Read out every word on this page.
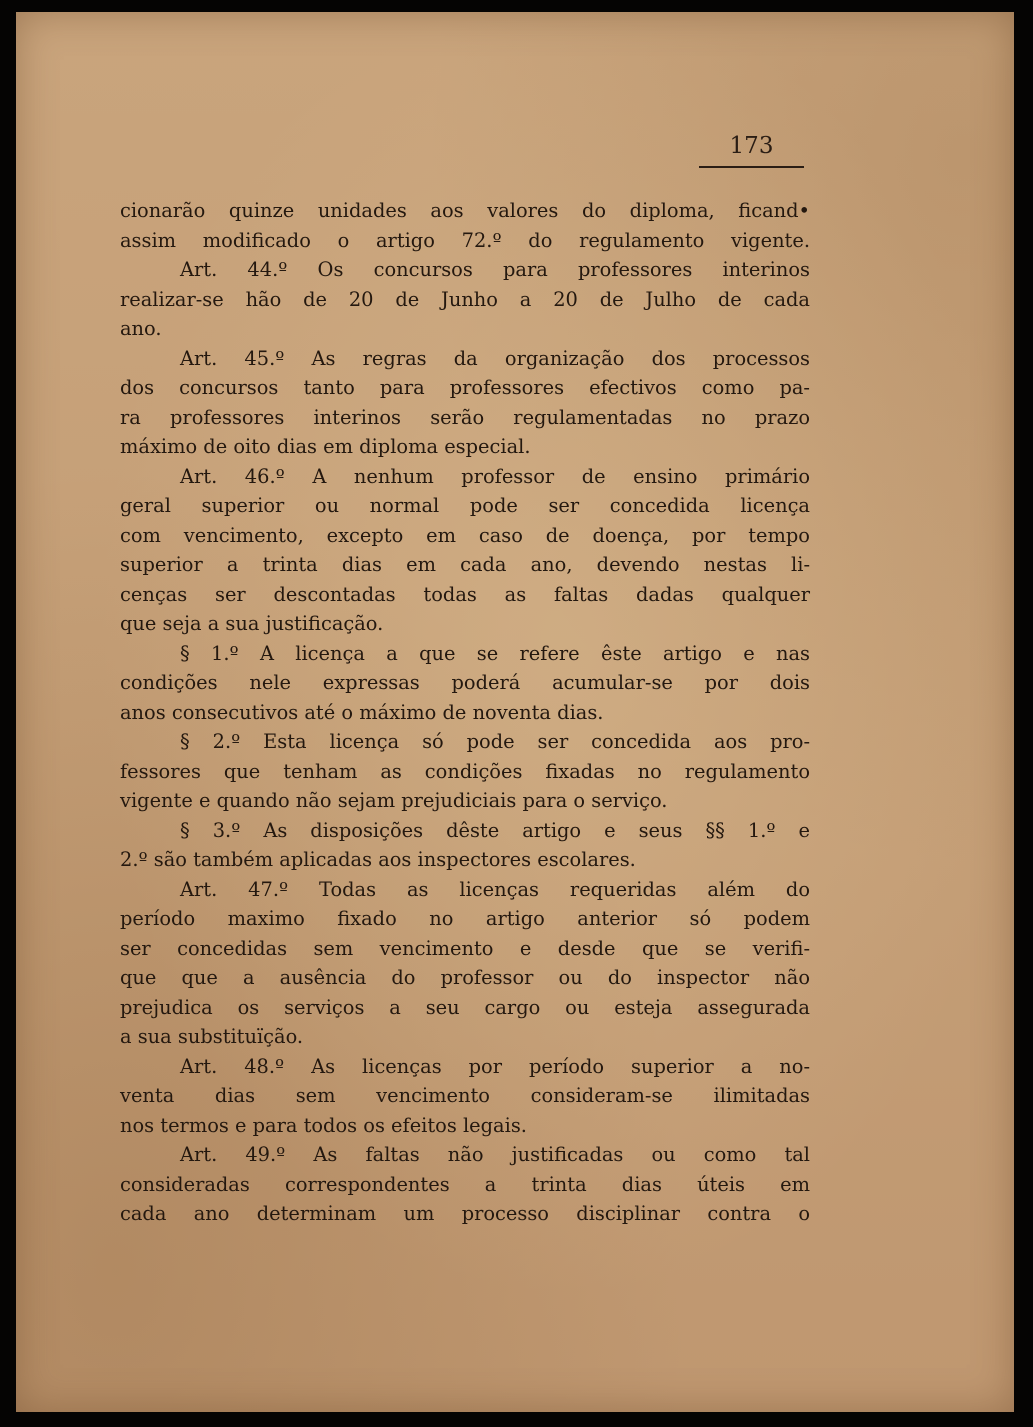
173
cionarão quinze unidades aos valores do diploma, ficand•
assim modificado o artigo 72.º do regulamento vigente.
Art. 44.º Os concursos para professores interinos
realizar-se hão de 20 de Junho a 20 de Julho de cada
ano.
Art. 45.º As regras da organização dos processos
dos concursos tanto para professores efectivos como pa-
ra professores interinos serão regulamentadas no prazo
máximo de oito dias em diploma especial.
Art. 46.º A nenhum professor de ensino primário
geral superior ou normal pode ser concedida licença
com vencimento, excepto em caso de doença, por tempo
superior a trinta dias em cada ano, devendo nestas li-
cenças ser descontadas todas as faltas dadas qualquer
que seja a sua justificação.
§ 1.º A licença a que se refere êste artigo e nas
condições nele expressas poderá acumular-se por dois
anos consecutivos até o máximo de noventa dias.
§ 2.º Esta licença só pode ser concedida aos pro-
fessores que tenham as condições fixadas no regulamento
vigente e quando não sejam prejudiciais para o serviço.
§ 3.º As disposições dêste artigo e seus §§ 1.º e
2.º são também aplicadas aos inspectores escolares.
Art. 47.º Todas as licenças requeridas além do
período maximo fixado no artigo anterior só podem
ser concedidas sem vencimento e desde que se verifi-
que que a ausência do professor ou do inspector não
prejudica os serviços a seu cargo ou esteja assegurada
a sua substituïção.
Art. 48.º As licenças por período superior a no-
venta dias sem vencimento consideram-se ilimitadas
nos termos e para todos os efeitos legais.
Art. 49.º As faltas não justificadas ou como tal
consideradas correspondentes a trinta dias úteis em
cada ano determinam um processo disciplinar contra o
